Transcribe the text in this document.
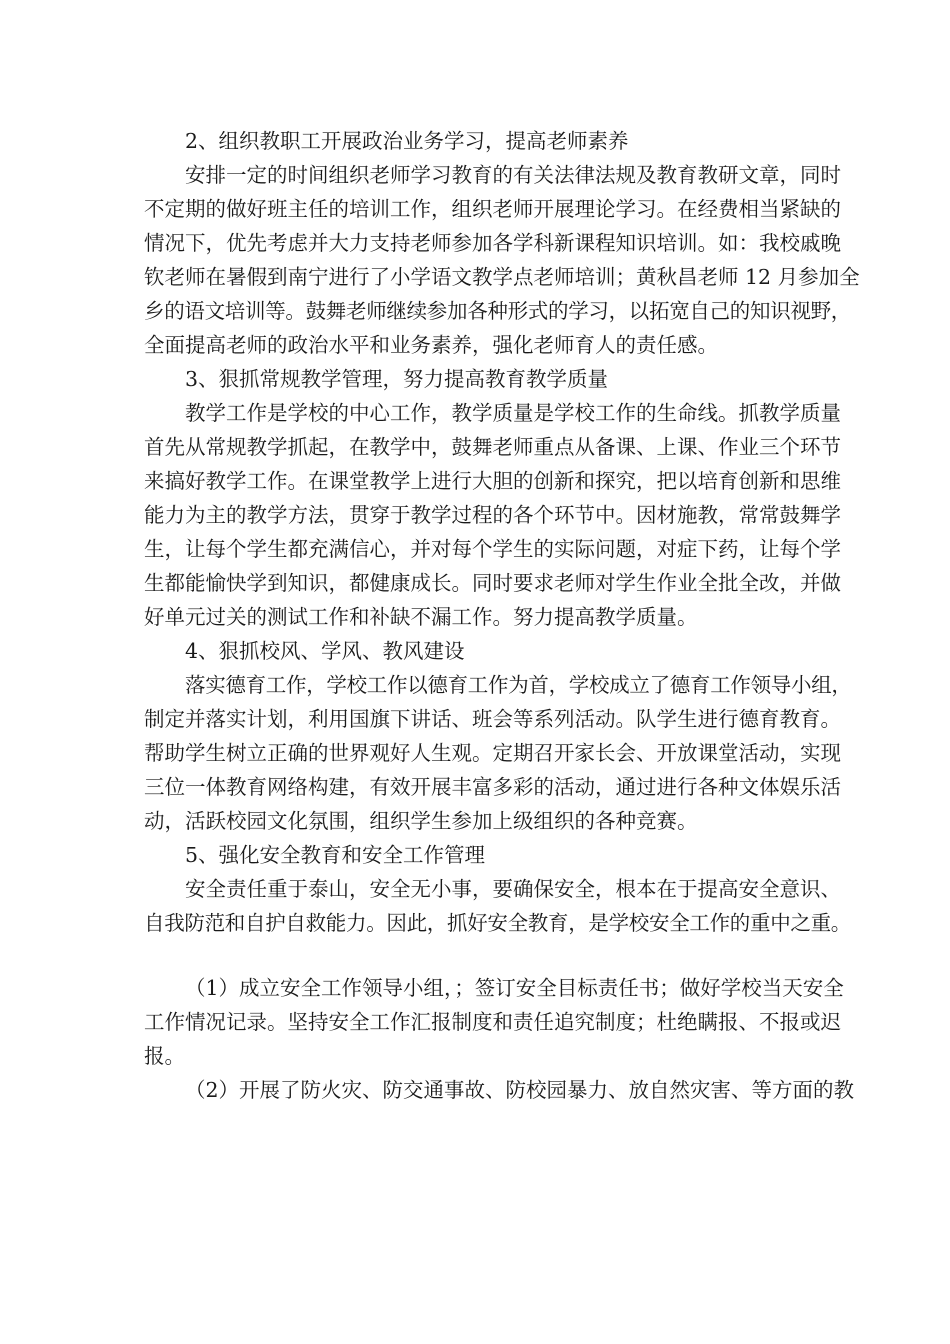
2、组织教职工开展政治业务学习，提高老师素养
安排一定的时间组织老师学习教育的有关法律法规及教育教研文章，同时
不定期的做好班主任的培训工作，组织老师开展理论学习。在经费相当紧缺的
情况下，优先考虑并大力支持老师参加各学科新课程知识培训。如：我校戚晚
钦老师在暑假到南宁进行了小学语文教学点老师培训；黄秋昌老师 12 月参加全
乡的语文培训等。鼓舞老师继续参加各种形式的学习，以拓宽自己的知识视野，
全面提高老师的政治水平和业务素养，强化老师育人的责任感。
3、狠抓常规教学管理，努力提高教育教学质量
教学工作是学校的中心工作，教学质量是学校工作的生命线。抓教学质量
首先从常规教学抓起，在教学中，鼓舞老师重点从备课、上课、作业三个环节
来搞好教学工作。在课堂教学上进行大胆的创新和探究，把以培育创新和思维
能力为主的教学方法，贯穿于教学过程的各个环节中。因材施教，常常鼓舞学
生，让每个学生都充满信心，并对每个学生的实际问题，对症下药，让每个学
生都能愉快学到知识，都健康成长。同时要求老师对学生作业全批全改，并做
好单元过关的测试工作和补缺不漏工作。努力提高教学质量。
4、狠抓校风、学风、教风建设
落实德育工作，学校工作以德育工作为首，学校成立了德育工作领导小组，
制定并落实计划，利用国旗下讲话、班会等系列活动。队学生进行德育教育。
帮助学生树立正确的世界观好人生观。定期召开家长会、开放课堂活动，实现
三位一体教育网络构建，有效开展丰富多彩的活动，通过进行各种文体娱乐活
动，活跃校园文化氛围，组织学生参加上级组织的各种竞赛。
5、强化安全教育和安全工作管理
安全责任重于泰山，安全无小事，要确保安全，根本在于提高安全意识、
自我防范和自护自救能力。因此，抓好安全教育，是学校安全工作的重中之重。
（1）成立安全工作领导小组，；签订安全目标责任书；做好学校当天安全
工作情况记录。坚持安全工作汇报制度和责任追究制度；杜绝瞒报、不报或迟
报。
（2）开展了防火灾、防交通事故、防校园暴力、放自然灾害、等方面的教
